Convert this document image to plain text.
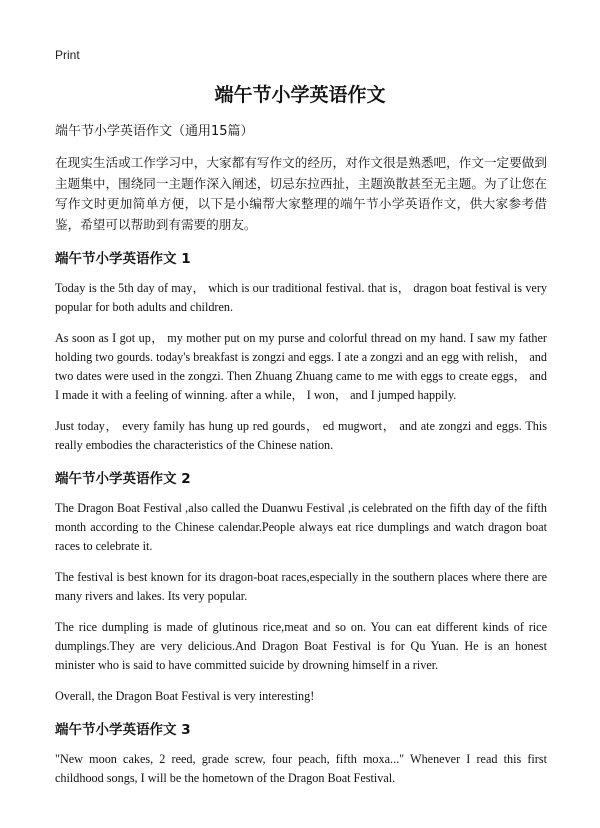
Print
端午节小学英语作文

端午节小学英语作文（通用15篇）

在现实生活或工作学习中，大家都有写作文的经历，对作文很是熟悉吧，作文一定要做到主题集中，围绕同一主题作深入阐述，切忌东拉西扯，主题涣散甚至无主题。为了让您在写作文时更加简单方便，以下是小编帮大家整理的端午节小学英语作文，供大家参考借鉴，希望可以帮助到有需要的朋友。

端午节小学英语作文 1

Today is the 5th day of may， which is our traditional festival. that is， dragon boat festival is very popular for both adults and children.

As soon as I got up， my mother put on my purse and colorful thread on my hand. I saw my father holding two gourds. today's breakfast is zongzi and eggs. I ate a zongzi and an egg with relish， and two dates were used in the zongzi. Then Zhuang Zhuang came to me with eggs to create eggs， and I made it with a feeling of winning. after a while， I won， and I jumped happily.

Just today， every family has hung up red gourds， ed mugwort， and ate zongzi and eggs. This really embodies the characteristics of the Chinese nation.

端午节小学英语作文 2

The Dragon Boat Festival ,also called the Duanwu Festival ,is celebrated on the fifth day of the fifth month according to the Chinese calendar.People always eat rice dumplings and watch dragon boat races to celebrate it.

The festival is best known for its dragon-boat races,especially in the southern places where there are many rivers and lakes. Its very popular.

The rice dumpling is made of glutinous rice,meat and so on. You can eat different kinds of rice dumplings.They are very delicious.And Dragon Boat Festival is for Qu Yuan. He is an honest minister who is said to have committed suicide by drowning himself in a river.

Overall, the Dragon Boat Festival is very interesting!

端午节小学英语作文 3

"New moon cakes, 2 reed, grade screw, four peach, fifth moxa..." Whenever I read this first childhood songs, I will be the hometown of the Dragon Boat Festival.
